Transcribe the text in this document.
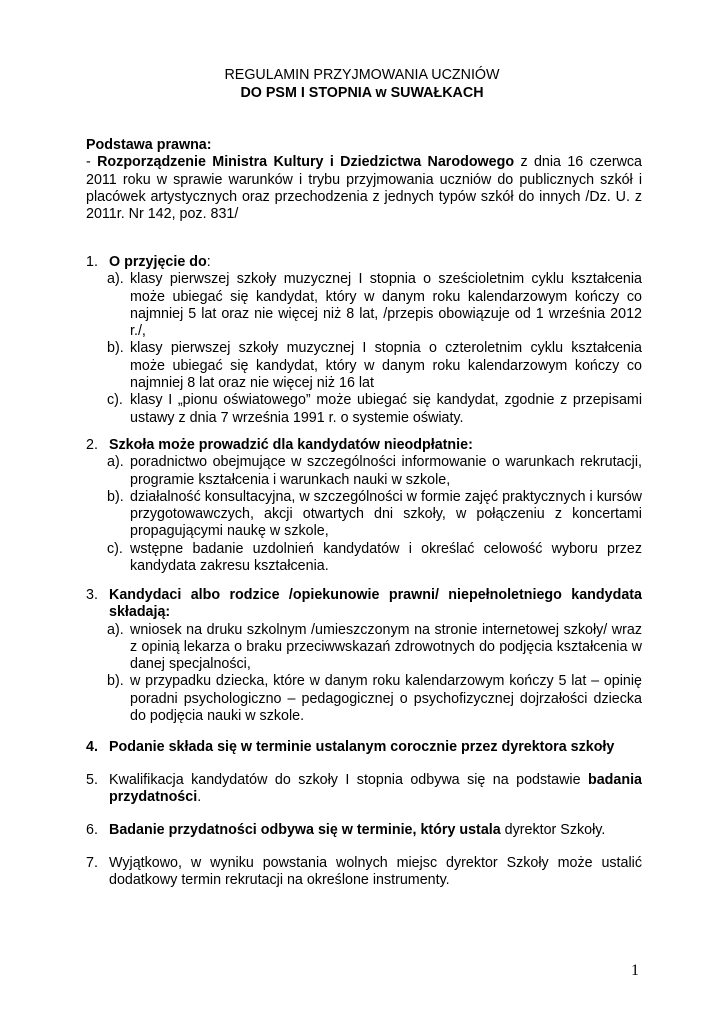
REGULAMIN PRZYJMOWANIA UCZNIÓW
DO PSM I STOPNIA w SUWAŁKACH
Podstawa prawna:
- Rozporządzenie Ministra Kultury i Dziedzictwa Narodowego z dnia 16 czerwca 2011 roku w sprawie warunków i trybu przyjmowania uczniów do publicznych szkół i placówek artystycznych oraz przechodzenia z jednych typów szkół do innych /Dz. U. z 2011r. Nr 142, poz. 831/
1. O przyjęcie do:
a). klasy pierwszej szkoły muzycznej I stopnia o sześcioletnim cyklu kształcenia może ubiegać się kandydat, który w danym roku kalendarzowym kończy co najmniej 5 lat oraz nie więcej niż 8 lat, /przepis obowiązuje od 1 września 2012 r./,
b). klasy pierwszej szkoły muzycznej I stopnia o czteroletnim cyklu kształcenia może ubiegać się kandydat, który w danym roku kalendarzowym kończy co najmniej 8 lat oraz nie więcej niż 16 lat
c). klasy I „pionu oświatowego” może ubiegać się kandydat, zgodnie z przepisami ustawy z dnia 7 września 1991 r. o systemie oświaty.
2. Szkoła może prowadzić dla kandydatów nieodpłatnie:
a). poradnictwo obejmujące w szczególności informowanie o warunkach rekrutacji, programie kształcenia i warunkach nauki w szkole,
b). działalność konsultacyjna, w szczególności w formie zajęć praktycznych i kursów przygotowawczych, akcji otwartych dni szkoły, w połączeniu z koncertami propagującymi naukę w szkole,
c). wstępne badanie uzdolnień kandydatów i określać celowość wyboru przez kandydata zakresu kształcenia.
3. Kandydaci albo rodzice /opiekunowie prawni/ niepełnoletniego kandydata składają:
a). wniosek na druku szkolnym /umieszczonym na stronie internetowej szkoły/ wraz z opinią lekarza o braku przeciwwskazań zdrowotnych do podjęcia kształcenia w danej specjalności,
b). w przypadku dziecka, które w danym roku kalendarzowym kończy 5 lat – opinię poradni psychologiczno – pedagogicznej o psychofizycznej dojrzałości dziecka do podjęcia nauki w szkole.
4. Podanie składa się w terminie ustalanym corocznie przez dyrektora szkoły
5. Kwalifikacja kandydatów do szkoły I stopnia odbywa się na podstawie badania przydatności.
6. Badanie przydatności odbywa się w terminie, który ustala dyrektor Szkoły.
7. Wyjątkowo, w wyniku powstania wolnych miejsc dyrektor Szkoły może ustalić dodatkowy termin rekrutacji na określone instrumenty.
1
